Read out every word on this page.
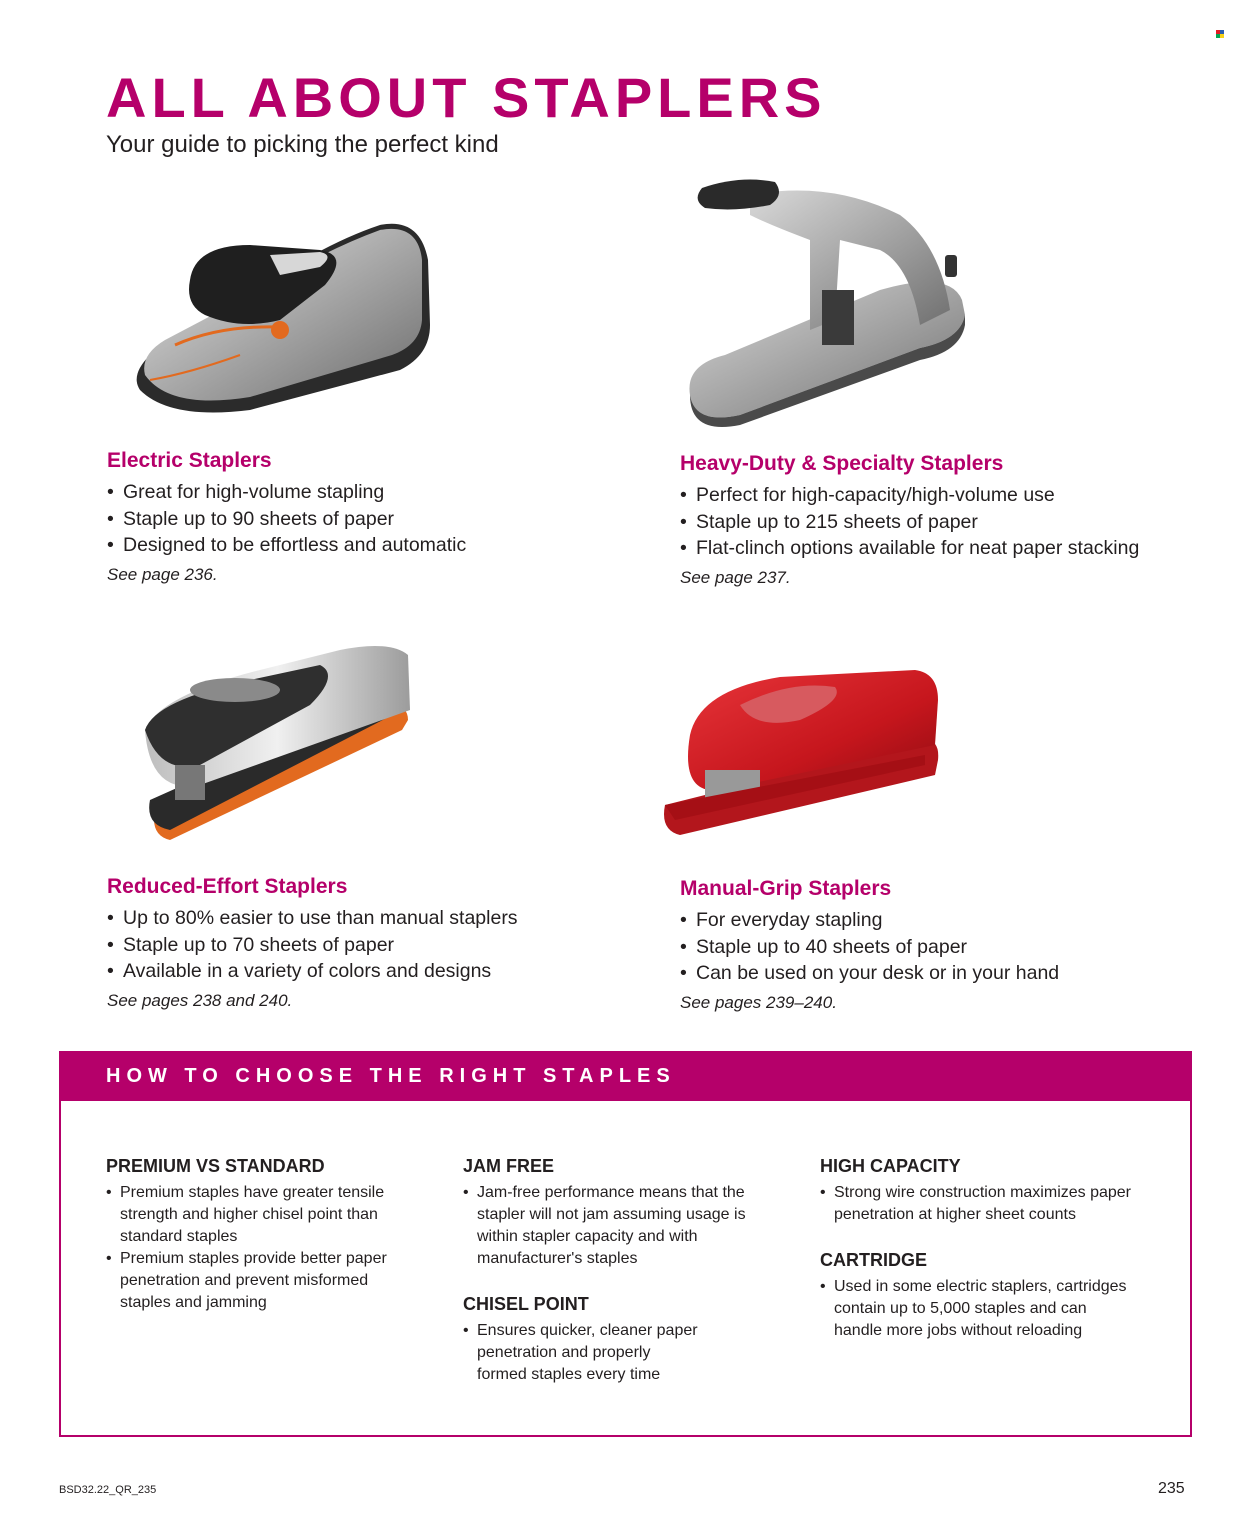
ALL ABOUT STAPLERS

Your guide to picking the perfect kind

Electric Staplers
• Great for high-volume stapling
• Staple up to 90 sheets of paper
• Designed to be effortless and automatic

See page 236.

Heavy-Duty & Specialty Staplers
• Perfect for high-capacity/high-volume use
• Staple up to 215 sheets of paper
• Flat-clinch options available for neat paper stacking

See page 237.

Reduced-Effort Staplers
• Up to 80% easier to use than manual staplers
• Staple up to 70 sheets of paper
• Available in a variety of colors and designs

See pages 238 and 240.

Manual-Grip Staplers
• For everyday stapling
• Staple up to 40 sheets of paper
• Can be used on your desk or in your hand

See pages 239–240.

HOW TO CHOOSE THE RIGHT STAPLES
PREMIUM VS STANDARD
• Premium staples have greater tensile
strength and higher chisel point than
standard staples
• Premium staples provide better paper
penetration and prevent misformed
staples and jamming
JAM FREE
• Jam-free performance means that the
stapler will not jam assuming usage is
within stapler capacity and with
manufacturer's staples
CHISEL POINT
• Ensures quicker, cleaner paper
penetration and properly
formed staples every time
HIGH CAPACITY
• Strong wire construction maximizes paper
penetration at higher sheet counts
CARTRIDGE
• Used in some electric staplers, cartridges
contain up to 5,000 staples and can
handle more jobs without reloading
BSD32.22_QR_235	235
